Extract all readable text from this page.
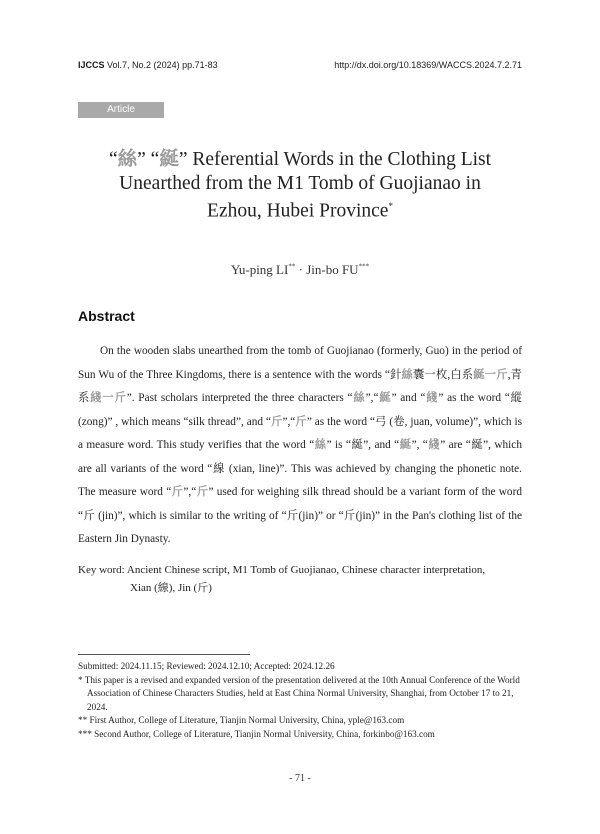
IJCCS Vol.7, No.2 (2024) pp.71-83	http://dx.doi.org/10.18369/WACCS.2024.7.2.71
Article
“絲” “綖” Referential Words in the Clothing List
Unearthed from the M1 Tomb of Guojianao in
Ezhou, Hubei Province*
Yu-ping LI** · Jin-bo FU***
Abstract

On the wooden slabs unearthed from the tomb of Guojianao (formerly, Guo) in the period of Sun Wu of the Three Kingdoms, there is a sentence with the words “針絲囊一枚,白系綖一斤,青系綫一斤”. Past scholars interpreted the three characters “絲”,“綖” and “綫” as the word “縱 (zong)” , which means “silk thread”, and “斤”,“斤” as the word “弓 (卷, juan, volume)”, which is a measure word. This study verifies that the word “絲” is “綖”, and “綖”, “綫” are “綖”, which are all variants of the word “線 (xian, line)”. This was achieved by changing the phonetic note. The measure word “斤”,“斤” used for weighing silk thread should be a variant form of the word “斤 (jin)”, which is similar to the writing of “斤(jin)” or “斤(jin)” in the Pan's clothing list of the Eastern Jin Dynasty.

Key word: Ancient Chinese script, M1 Tomb of Guojianao, Chinese character interpretation,
Xian (線), Jin (斤)

Submitted: 2024.11.15; Reviewed: 2024.12.10; Accepted: 2024.12.26

* This paper is a revised and expanded version of the presentation delivered at the 10th Annual Conference of the World Association of Chinese Characters Studies, held at East China Normal University, Shanghai, from October 17 to 21, 2024.

** First Author, College of Literature, Tianjin Normal University, China, yple@163.com

*** Second Author, College of Literature, Tianjin Normal University, China, forkinbo@163.com

- 71 -
